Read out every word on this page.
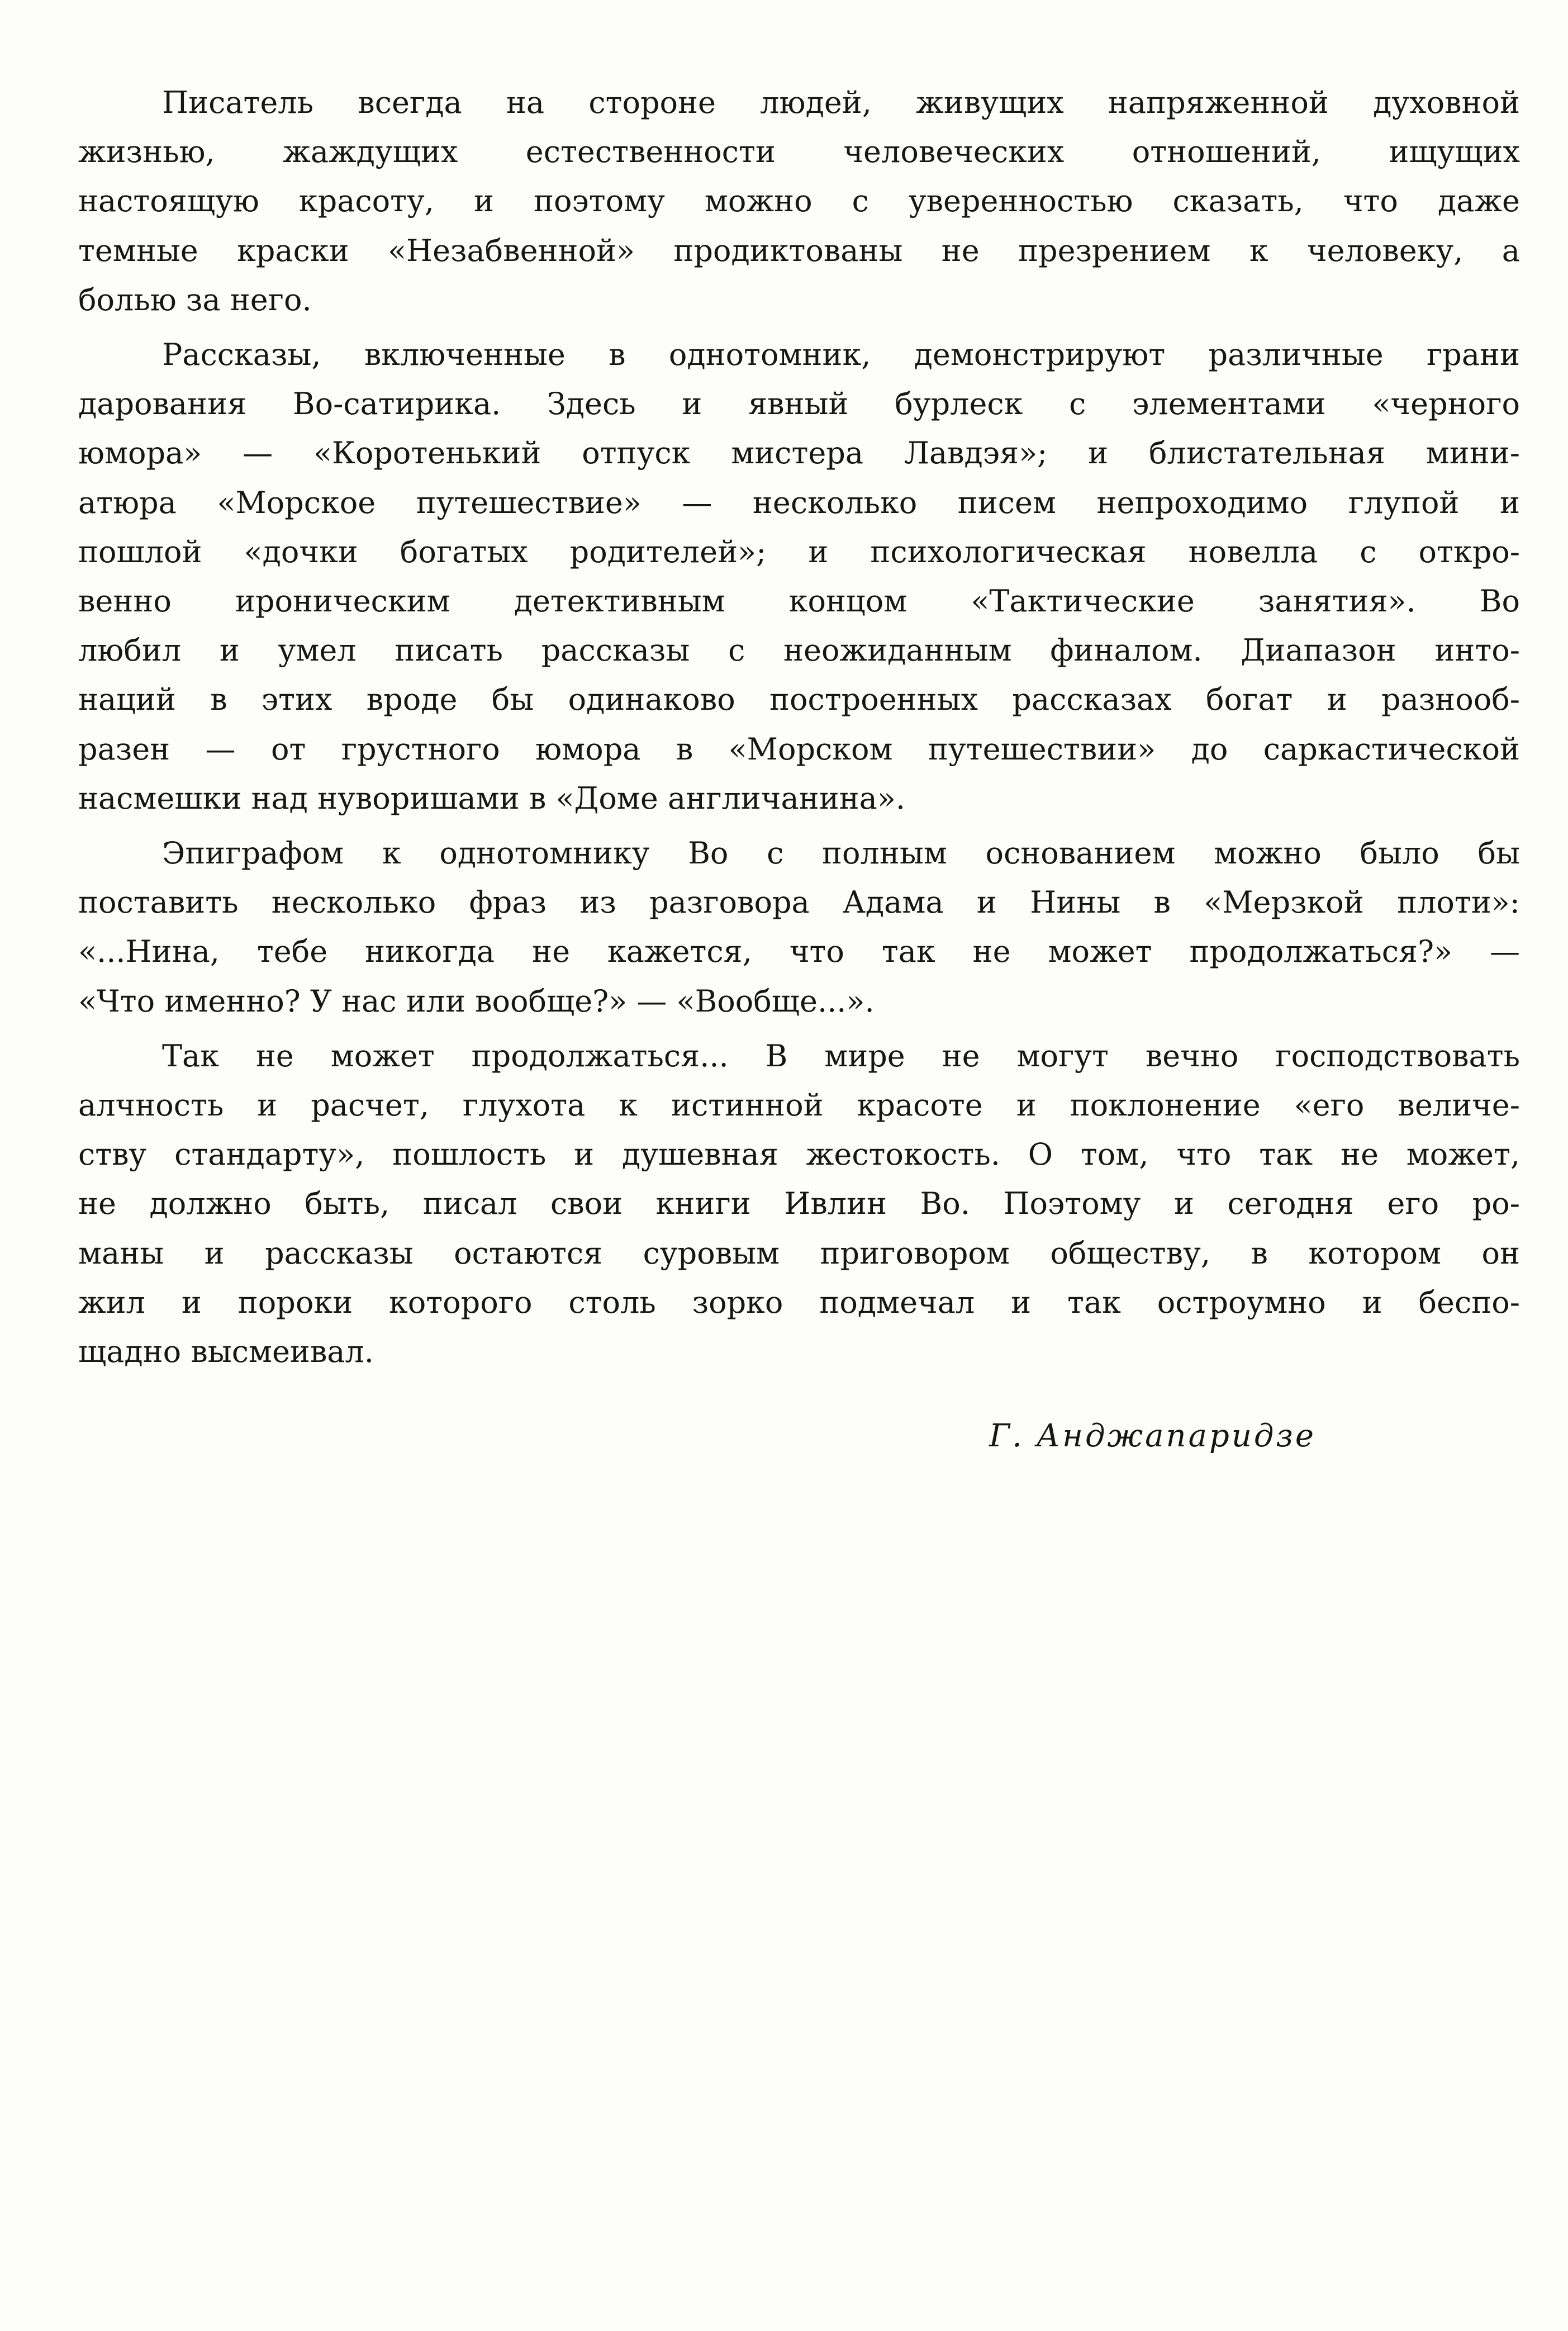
Писатель всегда на стороне людей, живущих напряженной духовной
жизнью, жаждущих естественности человеческих отношений, ищущих
настоящую красоту, и поэтому можно с уверенностью сказать, что даже
темные краски «Незабвенной» продиктованы не презрением к человеку, а
болью за него.
Рассказы, включенные в однотомник, демонстрируют различные грани
дарования Во-сатирика. Здесь и явный бурлеск с элементами «черного
юмора» — «Коротенький отпуск мистера Лавдэя»; и блистательная мини-
атюра «Морское путешествие» — несколько писем непроходимо глупой и
пошлой «дочки богатых родителей»; и психологическая новелла с откро-
венно ироническим детективным концом «Тактические занятия». Во
любил и умел писать рассказы с неожиданным финалом. Диапазон инто-
наций в этих вроде бы одинаково построенных рассказах богат и разнооб-
разен — от грустного юмора в «Морском путешествии» до саркастической
насмешки над нуворишами в «Доме англичанина».
Эпиграфом к однотомнику Во с полным основанием можно было бы
поставить несколько фраз из разговора Адама и Нины в «Мерзкой плоти»:
«...Нина, тебе никогда не кажется, что так не может продолжаться?» —
«Что именно? У нас или вообще?» — «Вообще...».
Так не может продолжаться... В мире не могут вечно господствовать
алчность и расчет, глухота к истинной красоте и поклонение «его величе-
ству стандарту», пошлость и душевная жестокость. О том, что так не может,
не должно быть, писал свои книги Ивлин Во. Поэтому и сегодня его ро-
маны и рассказы остаются суровым приговором обществу, в котором он
жил и пороки которого столь зорко подмечал и так остроумно и беспо-
щадно высмеивал.
Г. Анджапаридзе
